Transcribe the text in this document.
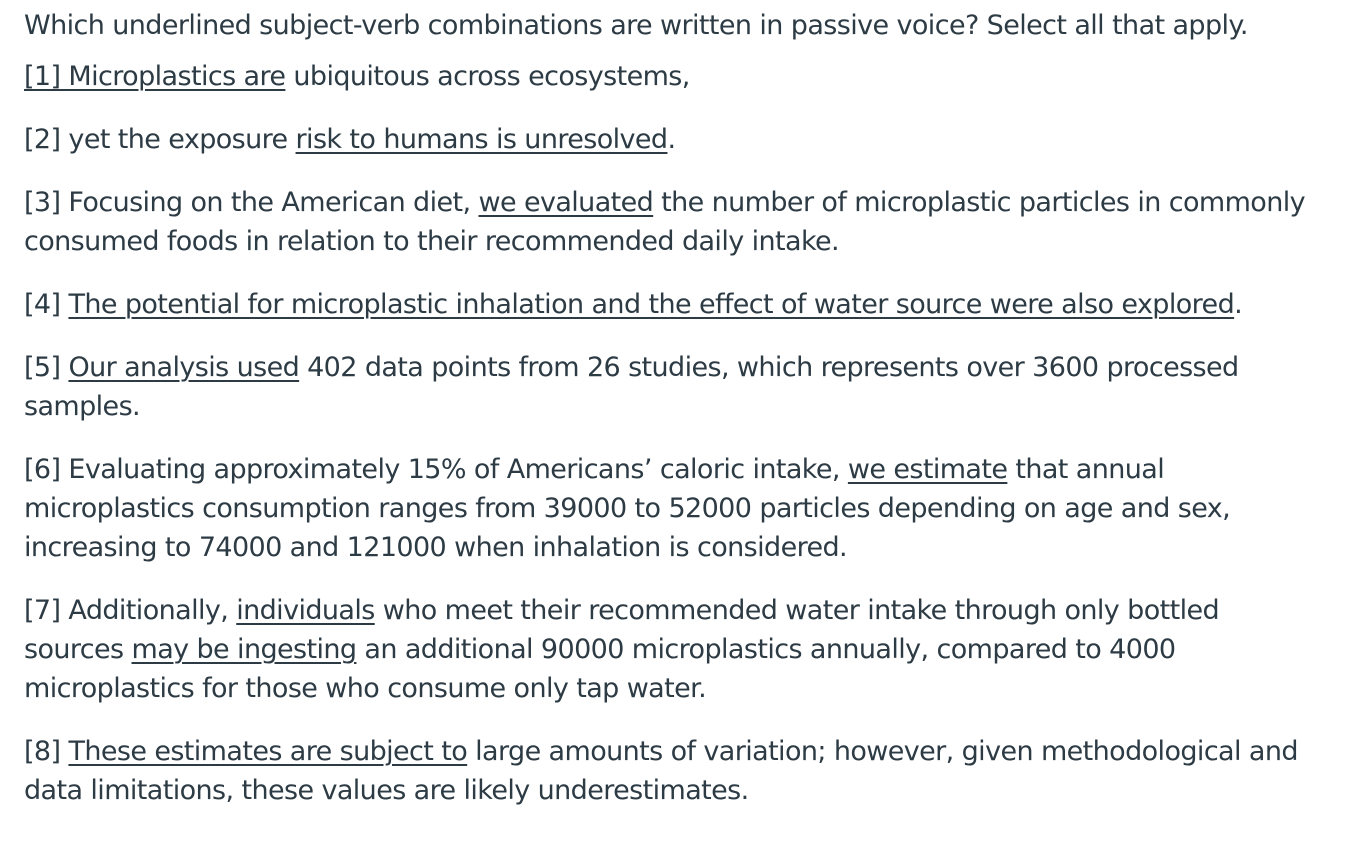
Which underlined subject-verb combinations are written in passive voice? Select all that apply.

[1] Microplastics are ubiquitous across ecosystems,

[2] yet the exposure risk to humans is unresolved.

[3] Focusing on the American diet, we evaluated the number of microplastic particles in commonly consumed foods in relation to their recommended daily intake.

[4] The potential for microplastic inhalation and the effect of water source were also explored.

[5] Our analysis used 402 data points from 26 studies, which represents over 3600 processed samples.

[6] Evaluating approximately 15% of Americans’ caloric intake, we estimate that annual microplastics consumption ranges from 39000 to 52000 particles depending on age and sex, increasing to 74000 and 121000 when inhalation is considered.

[7] Additionally, individuals who meet their recommended water intake through only bottled sources may be ingesting an additional 90000 microplastics annually, compared to 4000 microplastics for those who consume only tap water.

[8] These estimates are subject to large amounts of variation; however, given methodological and data limitations, these values are likely underestimates.
